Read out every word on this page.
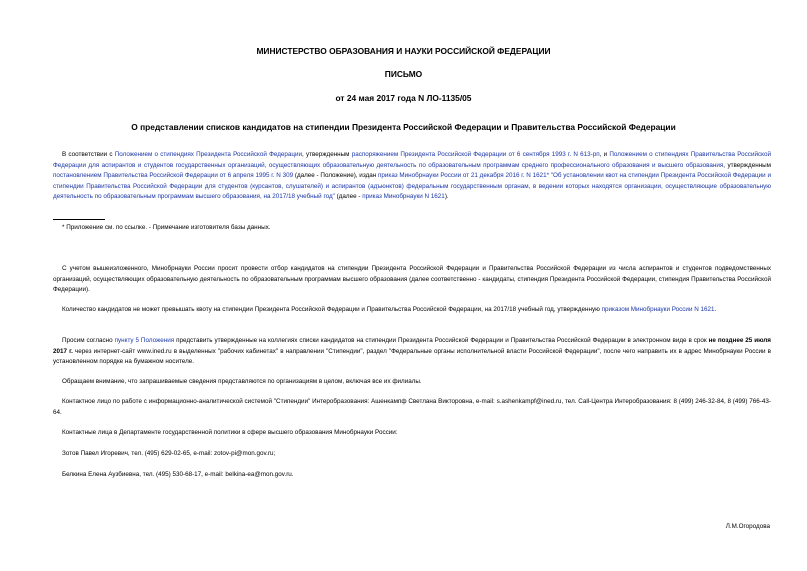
МИНИСТЕРСТВО ОБРАЗОВАНИЯ И НАУКИ РОССИЙСКОЙ ФЕДЕРАЦИИ
ПИСЬМО
от 24 мая 2017 года N ЛО-1135/05
О представлении списков кандидатов на стипендии Президента Российской Федерации и Правительства Российской Федерации

В соответствии с Положением о стипендиях Президента Российской Федерации, утвержденным распоряжением Президента Российской Федерации от 6 сентября 1993 г. N 613-рп, и Положением о стипендиях Правительства Российской Федерации для аспирантов и студентов государственных организаций, осуществляющих образовательную деятельность по образовательным программам среднего профессионального образования и высшего образования, утвержденным постановлением Правительства Российской Федерации от 6 апреля 1995 г. N 309 (далее - Положение), издан приказ Минобрнауки России от 21 декабря 2016 г. N 1621* "Об установлении квот на стипендии Президента Российской Федерации и стипендии Правительства Российской Федерации для студентов (курсантов, слушателей) и аспирантов (адъюнктов) федеральным государственным органам, в ведении которых находятся организации, осуществляющие образовательную деятельность по образовательным программам высшего образования, на 2017/18 учебный год" (далее - приказ Минобрнауки N 1621).

* Приложение см. по ссылке. - Примечание изготовителя базы данных.

С учетом вышеизложенного, Минобрнауки России просит провести отбор кандидатов на стипендии Президента Российской Федерации и Правительства Российской Федерации из числа аспирантов и студентов подведомственных организаций, осуществляющих образовательную деятельность по образовательным программам высшего образования (далее соответственно - кандидаты, стипендия Президента Российской Федерации, стипендия Правительства Российской Федерации).

Количество кандидатов не может превышать квоту на стипендии Президента Российской Федерации и Правительства Российской Федерации, на 2017/18 учебный год, утвержденную приказом Минобрнауки России N 1621.

Просим согласно пункту 5 Положения представить утвержденные на коллегиях списки кандидатов на стипендии Президента Российской Федерации и Правительства Российской Федерации в электронном виде в срок не позднее 25 июля 2017 г. через интернет-сайт www.ined.ru в выделенных "рабочих кабинетах" в направлении "Стипендии", раздел "Федеральные органы исполнительной власти Российской Федерации", после чего направить их в адрес Минобрнауки России в установленном порядке на бумажном носителе.

Обращаем внимание, что запрашиваемые сведения представляются по организациям в целом, включая все их филиалы.

Контактное лицо по работе с информационно-аналитической системой "Стипендии" Интеробразования: Ашенкампф Светлана Викторовна, e-mail: s.ashenkampf@ined.ru, тел. Call-Центра Интеробразования: 8 (499) 246-32-84, 8 (499) 766-43-64.

Контактные лица в Департаменте государственной политики в сфере высшего образования Минобрнауки России:

Зотов Павел Игоревич, тел. (495) 629-02-65, e-mail: zotov-pi@mon.gov.ru;

Белкина Елена Аузбиевна, тел. (495) 530-68-17, e-mail: belkina-ea@mon.gov.ru.

Л.М.Огородова
